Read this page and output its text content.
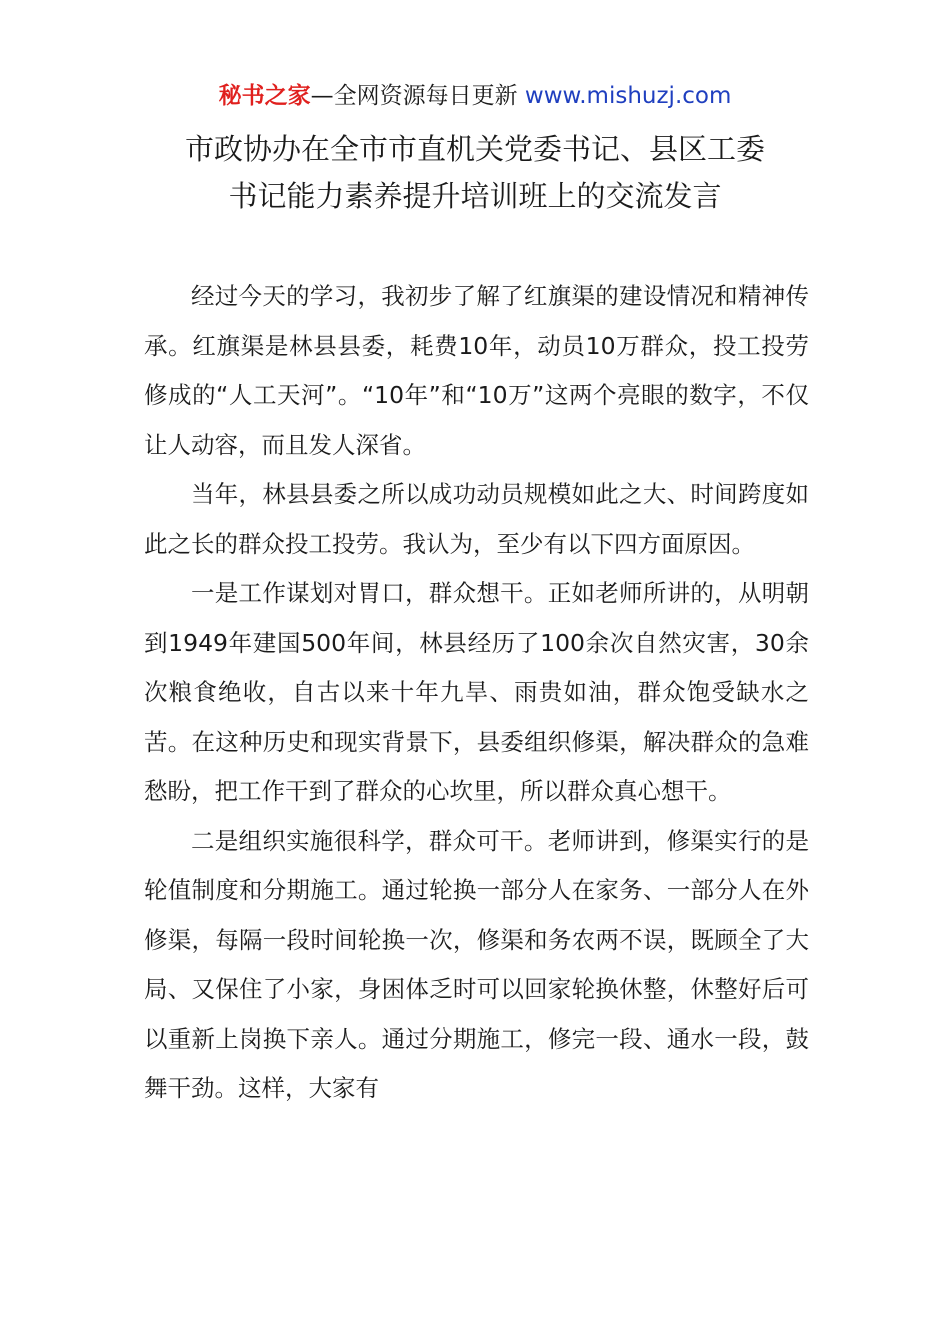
秘书之家—全网资源每日更新 www.mishuzj.com
市政协办在全市市直机关党委书记、县区工委
书记能力素养提升培训班上的交流发言

经过今天的学习，我初步了解了红旗渠的建设情况和精神传承。红旗渠是林县县委，耗费10年，动员10万群众，投工投劳修成的“人工天河”。“10年”和“10万”这两个亮眼的数字，不仅让人动容，而且发人深省。

当年，林县县委之所以成功动员规模如此之大、时间跨度如此之长的群众投工投劳。我认为，至少有以下四方面原因。

一是工作谋划对胃口，群众想干。正如老师所讲的，从明朝到1949年建国500年间，林县经历了100余次自然灾害，30余次粮食绝收，自古以来十年九旱、雨贵如油，群众饱受缺水之苦。在这种历史和现实背景下，县委组织修渠，解决群众的急难愁盼，把工作干到了群众的心坎里，所以群众真心想干。

二是组织实施很科学，群众可干。老师讲到，修渠实行的是轮值制度和分期施工。通过轮换一部分人在家务、一部分人在外修渠，每隔一段时间轮换一次，修渠和务农两不误，既顾全了大局、又保住了小家，身困体乏时可以回家轮换休整，休整好后可以重新上岗换下亲人。通过分期施工，修完一段、通水一段，鼓舞干劲。这样，大家有
